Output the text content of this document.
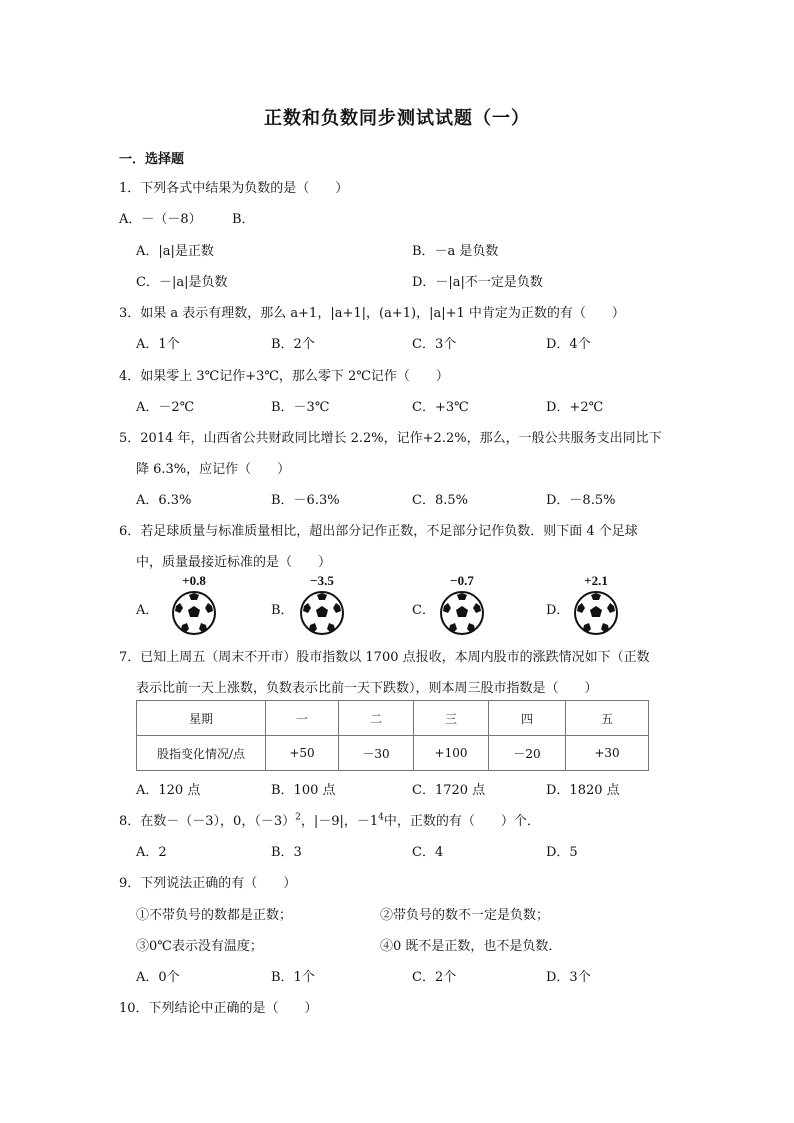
正数和负数同步测试试题（一）
一．选择题
1．下列各式中结果为负数的是（　　）
A．－（－8） B．
A．|a|是正数	B．－a 是负数
C．－|a|是负数	D．－|a|不一定是负数
3．如果 a 表示有理数，那么 a+1，|a+1|，(a+1)，|a|+1 中肯定为正数的有（　　）
A．1个	B．2个	C．3个	D．4个
4．如果零上 3℃记作+3℃，那么零下 2℃记作（　　）
A．－2℃	B．－3℃	C．+3℃	D．+2℃
5．2014 年，山西省公共财政同比增长 2.2%，记作+2.2%，那么，一般公共服务支出同比下
降 6.3%，应记作（　　）
A．6.3%	B．－6.3%	C．8.5%	D．－8.5%
6．若足球质量与标准质量相比，超出部分记作正数，不足部分记作负数．则下面 4 个足球
中，质量最接近标准的是（　　）
A．
+0.8
B．
−3.5
C．
−0.7
D．
+2.1
7．已知上周五（周末不开市）股市指数以 1700 点报收，本周内股市的涨跌情况如下（正数
表示比前一天上涨数，负数表示比前一天下跌数），则本周三股市指数是（　　）
星期	一	二	三	四	五
股指变化情况/点	+50	－30	+100	－20	+30
A．120 点	B．100 点	C．1720 点	D．1820 点
8．在数－（－3），0，$(-3)^2$，|－9|，$-1^4$中，正数的有（　　）个．
A．2	B．3	C．4	D．5
9．下列说法正确的有（　　）
①不带负号的数都是正数；	②带负号的数不一定是负数；
③0℃表示没有温度；	④0 既不是正数，也不是负数．
A．0个	B．1个	C．2个	D．3个
10．下列结论中正确的是（　　）
